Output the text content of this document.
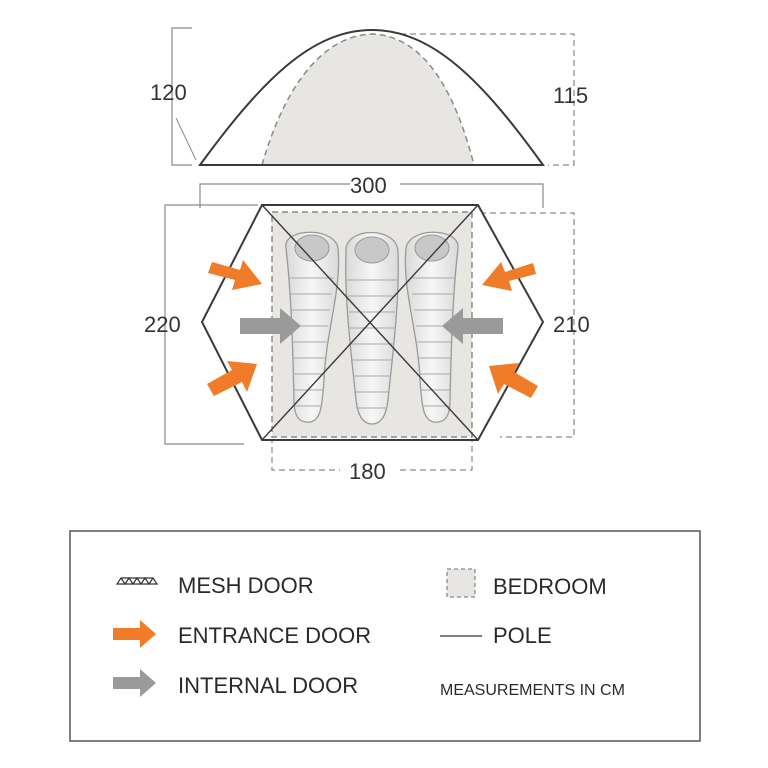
120	115
300
220	210
180
MESH DOOR
ENTRANCE DOOR
INTERNAL DOOR
BEDROOM
POLE
MEASUREMENTS IN CM
